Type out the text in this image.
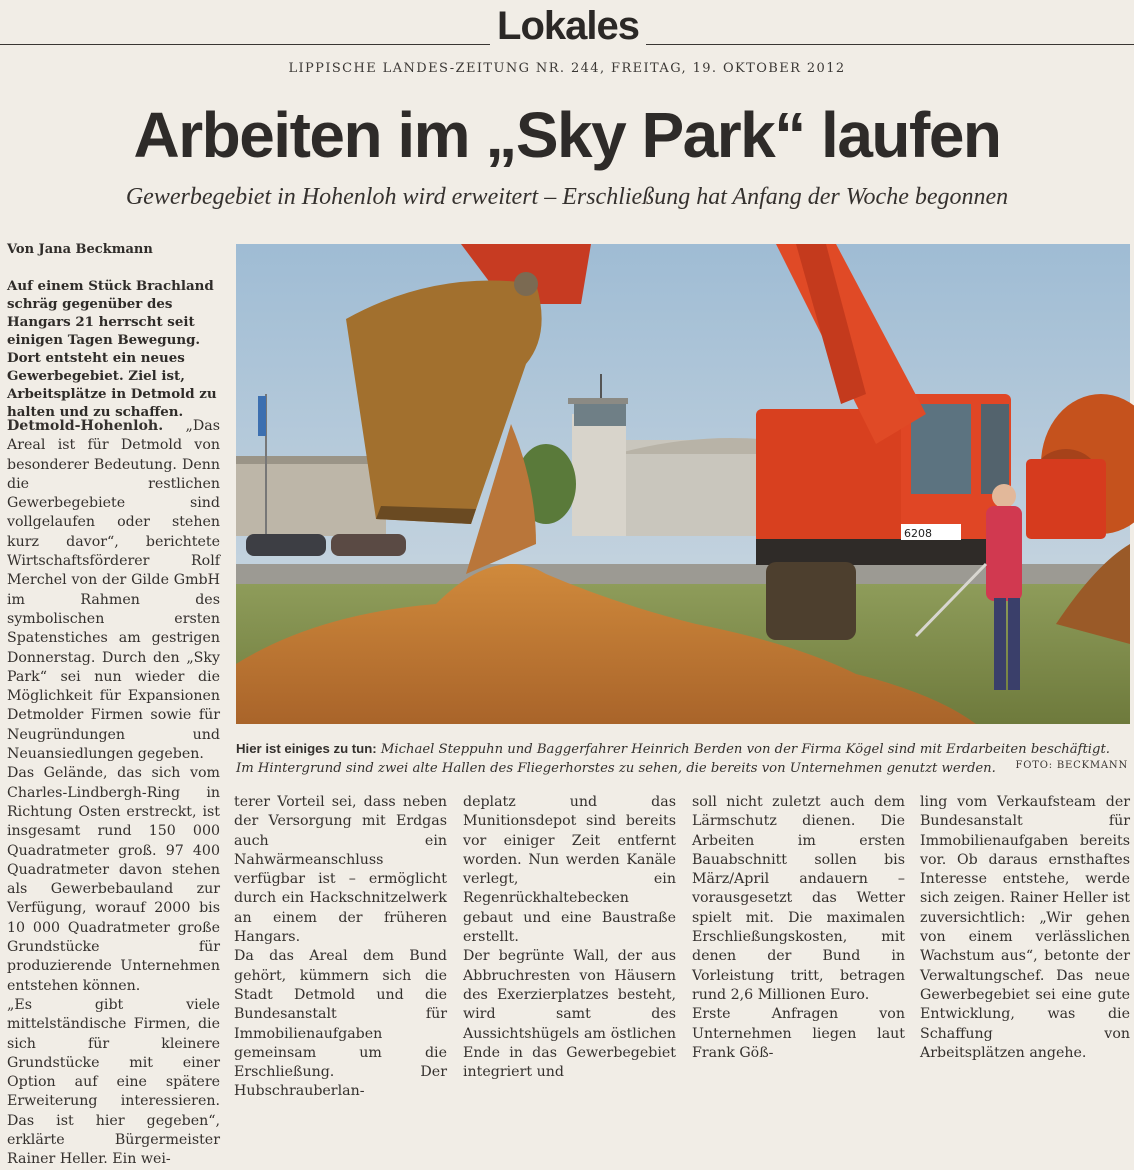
Lokales
LIPPISCHE LANDES-ZEITUNG NR. 244, FREITAG, 19. OKTOBER 2012
Arbeiten im „Sky Park“ laufen
Gewerbegebiet in Hohenloh wird erweitert – Erschließung hat Anfang der Woche begonnen
Von Jana Beckmann
Auf einem Stück Brachland schräg gegenüber des Hangars 21 herrscht seit einigen Tagen Bewegung. Dort entsteht ein neues Gewerbegebiet. Ziel ist, Arbeitsplätze in Detmold zu halten und zu schaffen.
Detmold-Hohenloh. „Das Areal ist für Detmold von besonderer Bedeutung. Denn die restlichen Gewerbegebiete sind vollgelaufen oder stehen kurz davor“, berichtete Wirtschaftsförderer Rolf Merchel von der Gilde GmbH im Rahmen des symbolischen ersten Spatenstiches am gestrigen Donnerstag. Durch den „Sky Park“ sei nun wieder die Möglichkeit für Expansionen Detmolder Firmen sowie für Neugründungen und Neuansiedlungen gegeben.
Das Gelände, das sich vom Charles-Lindbergh-Ring in Richtung Osten erstreckt, ist insgesamt rund 150 000 Quadratmeter groß. 97 400 Quadratmeter davon stehen als Gewerbebauland zur Verfügung, worauf 2000 bis 10 000 Quadratmeter große Grundstücke für produzierende Unternehmen entstehen können.
„Es gibt viele mittelständische Firmen, die sich für kleinere Grundstücke mit einer Option auf eine spätere Erweiterung interessieren. Das ist hier gegeben“, erklärte Bürgermeister Rainer Heller. Ein wei-
6208
Hier ist einiges zu tun: Michael Steppuhn und Baggerfahrer Heinrich Berden von der Firma Kögel sind mit Erdarbeiten beschäftigt. Im Hintergrund sind zwei alte Hallen des Fliegerhorstes zu sehen, die bereits von Unternehmen genutzt werden.	FOTO: BECKMANN
terer Vorteil sei, dass neben der Versorgung mit Erdgas auch ein Nahwärmeanschluss verfügbar ist – ermöglicht durch ein Hackschnitzelwerk an einem der früheren Hangars.
Da das Areal dem Bund gehört, kümmern sich die Stadt Detmold und die Bundesanstalt für Immobilienaufgaben gemeinsam um die Erschließung. Der Hubschrauberlan-
deplatz und das Munitionsdepot sind bereits vor einiger Zeit entfernt worden. Nun werden Kanäle verlegt, ein Regenrückhaltebecken gebaut und eine Baustraße erstellt.
Der begrünte Wall, der aus Abbruchresten von Häusern des Exerzierplatzes besteht, wird samt des Aussichtshügels am östlichen Ende in das Gewerbegebiet integriert und
soll nicht zuletzt auch dem Lärmschutz dienen. Die Arbeiten im ersten Bauabschnitt sollen bis März/April andauern – vorausgesetzt das Wetter spielt mit. Die maximalen Erschließungskosten, mit denen der Bund in Vorleistung tritt, betragen rund 2,6 Millionen Euro.
Erste Anfragen von Unternehmen liegen laut Frank Göß-
ling vom Verkaufsteam der Bundesanstalt für Immobilienaufgaben bereits vor. Ob daraus ernsthaftes Interesse entstehe, werde sich zeigen. Rainer Heller ist zuversichtlich: „Wir gehen von einem verlässlichen Wachstum aus“, betonte der Verwaltungschef. Das neue Gewerbegebiet sei eine gute Entwicklung, was die Schaffung von Arbeitsplätzen angehe.
